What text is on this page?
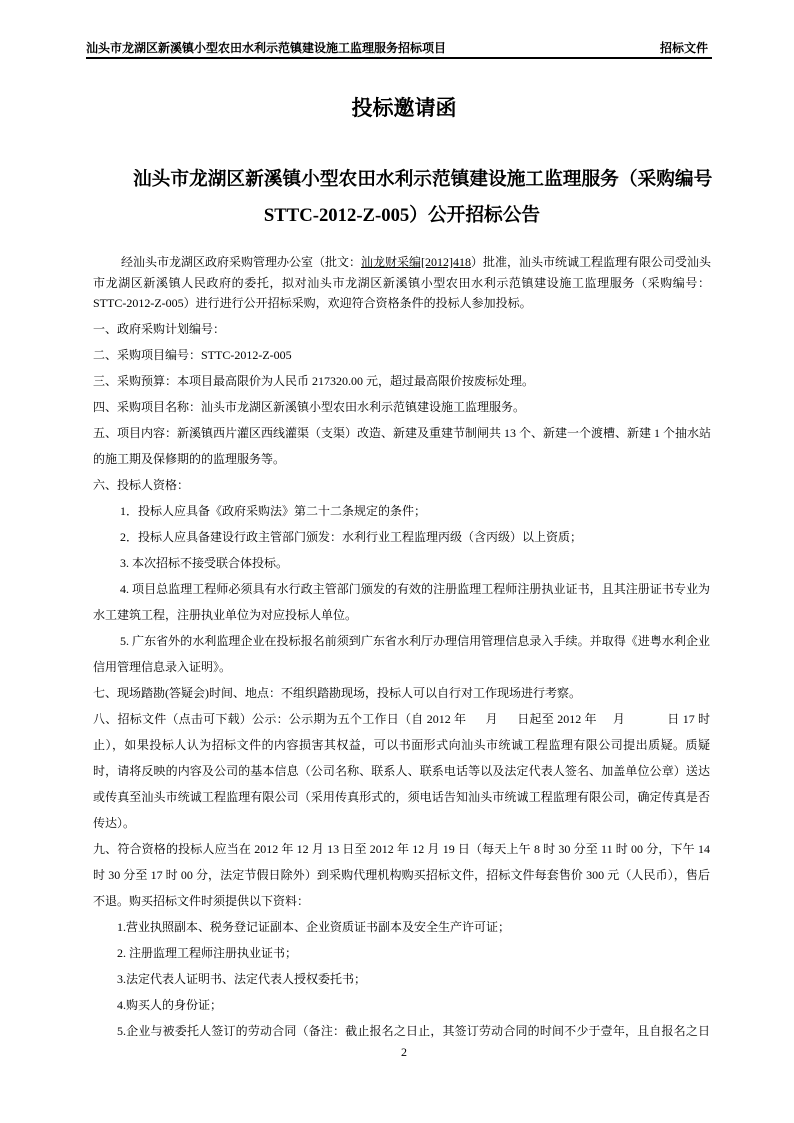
汕头市龙湖区新溪镇小型农田水利示范镇建设施工监理服务招标项目	招标文件
投标邀请函
汕头市龙湖区新溪镇小型农田水利示范镇建设施工监理服务（采购编号
STTC-2012-Z-005）公开招标公告
经汕头市龙湖区政府采购管理办公室（批文：汕龙财采编[2012]418）批准，汕头市统诚工程监理有限公司受汕头
市龙湖区新溪镇人民政府的委托，拟对汕头市龙湖区新溪镇小型农田水利示范镇建设施工监理服务（采购编号：
STTC-2012-Z-005）进行进行公开招标采购，欢迎符合资格条件的投标人参加投标。
一、政府采购计划编号：
二、采购项目编号：STTC-2012-Z-005
三、采购预算：本项目最高限价为人民币 217320.00 元，超过最高限价按废标处理。
四、采购项目名称：汕头市龙湖区新溪镇小型农田水利示范镇建设施工监理服务。
五、项目内容：新溪镇西片灌区西线灌渠（支渠）改造、新建及重建节制闸共 13 个、新建一个渡槽、新建 1 个抽水站
的施工期及保修期的的监理服务等。
六、投标人资格：
1．投标人应具备《政府采购法》第二十二条规定的条件；
2．投标人应具备建设行政主管部门颁发：水利行业工程监理丙级（含丙级）以上资质；
3. 本次招标不接受联合体投标。
4. 项目总监理工程师必须具有水行政主管部门颁发的有效的注册监理工程师注册执业证书，且其注册证书专业为
水工建筑工程，注册执业单位为对应投标人单位。
5. 广东省外的水利监理企业在投标报名前须到广东省水利厅办理信用管理信息录入手续。并取得《进粤水利企业
信用管理信息录入证明》。
七、现场踏勘(答疑会)时间、地点：不组织踏勘现场，投标人可以自行对工作现场进行考察。
八、招标文件（点击可下载）公示：公示期为五个工作日（自 2012 年      月      日起至 2012 年     月             日 17 时
止），如果投标人认为招标文件的内容损害其权益，可以书面形式向汕头市统诚工程监理有限公司提出质疑。质疑
时，请将反映的内容及公司的基本信息（公司名称、联系人、联系电话等以及法定代表人签名、加盖单位公章）送达
或传真至汕头市统诚工程监理有限公司（采用传真形式的，须电话告知汕头市统诚工程监理有限公司，确定传真是否
传达）。
九、符合资格的投标人应当在 2012 年 12 月 13 日至 2012 年 12 月 19 日（每天上午 8 时 30 分至 11 时 00 分，下午 14
时 30 分至 17 时 00 分，法定节假日除外）到采购代理机构购买招标文件，招标文件每套售价 300 元（人民币），售后
不退。购买招标文件时须提供以下资料：
1.营业执照副本、税务登记证副本、企业资质证书副本及安全生产许可证；
2. 注册监理工程师注册执业证书；
3.法定代表人证明书、法定代表人授权委托书；
4.购买人的身份证；
5.企业与被委托人签订的劳动合同（备注：截止报名之日止，其签订劳动合同的时间不少于壹年，且自报名之日
2
